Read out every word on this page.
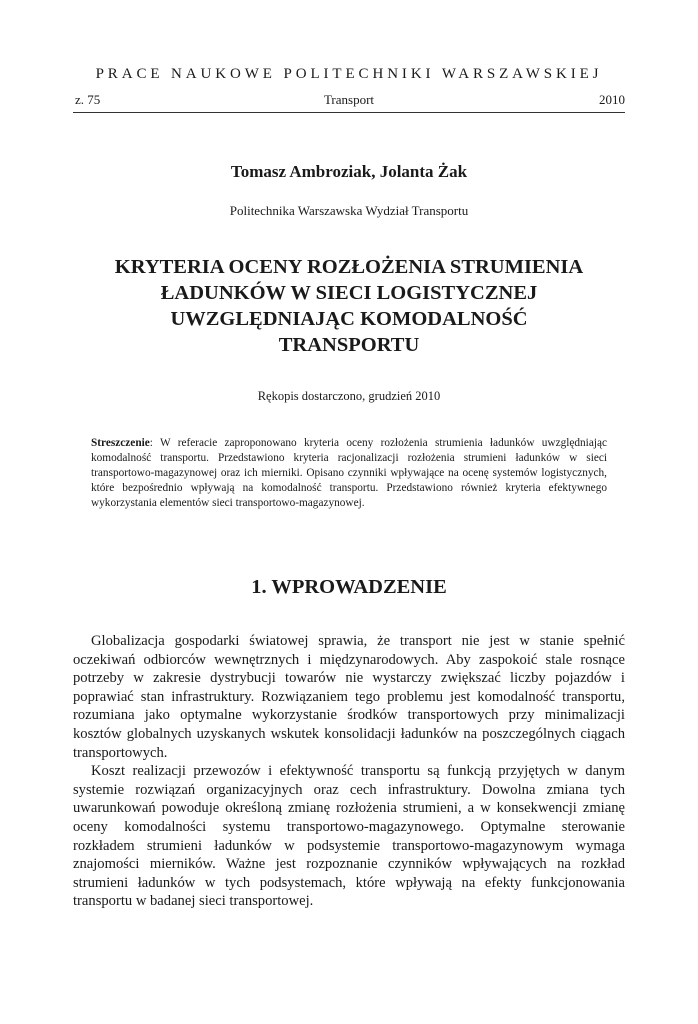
PRACE NAUKOWE POLITECHNIKI WARSZAWSKIEJ
z. 75	Transport	2010
Tomasz Ambroziak, Jolanta Żak
Politechnika Warszawska Wydział Transportu
KRYTERIA OCENY ROZŁOŻENIA STRUMIENIA
ŁADUNKÓW W SIECI LOGISTYCZNEJ
UWZGLĘDNIAJĄC KOMODALNOŚĆ
TRANSPORTU
Rękopis dostarczono, grudzień 2010

Streszczenie: W referacie zaproponowano kryteria oceny rozłożenia strumienia ładunków uwzględniając komodalność transportu. Przedstawiono kryteria racjonalizacji rozłożenia strumieni ładunków w sieci transportowo-magazynowej oraz ich mierniki. Opisano czynniki wpływające na ocenę systemów logistycznych, które bezpośrednio wpływają na komodalność transportu. Przedstawiono również kryteria efektywnego wykorzystania elementów sieci transportowo-magazynowej.

1. WPROWADZENIE

Globalizacja gospodarki światowej sprawia, że transport nie jest w stanie spełnić oczekiwań odbiorców wewnętrznych i międzynarodowych. Aby zaspokoić stale rosnące potrzeby w zakresie dystrybucji towarów nie wystarczy zwiększać liczby pojazdów i poprawiać stan infrastruktury. Rozwiązaniem tego problemu jest komodalność transportu, rozumiana jako optymalne wykorzystanie środków transportowych przy minimalizacji kosztów globalnych uzyskanych wskutek konsolidacji ładunków na poszczególnych ciągach transportowych.

Koszt realizacji przewozów i efektywność transportu są funkcją przyjętych w danym systemie rozwiązań organizacyjnych oraz cech infrastruktury. Dowolna zmiana tych uwarunkowań powoduje określoną zmianę rozłożenia strumieni, a w konsekwencji zmianę oceny komodalności systemu transportowo-magazynowego. Optymalne sterowanie rozkładem strumieni ładunków w podsystemie transportowo-magazynowym wymaga znajomości mierników. Ważne jest rozpoznanie czynników wpływających na rozkład strumieni ładunków w tych podsystemach, które wpływają na efekty funkcjonowania transportu w badanej sieci transportowej.
